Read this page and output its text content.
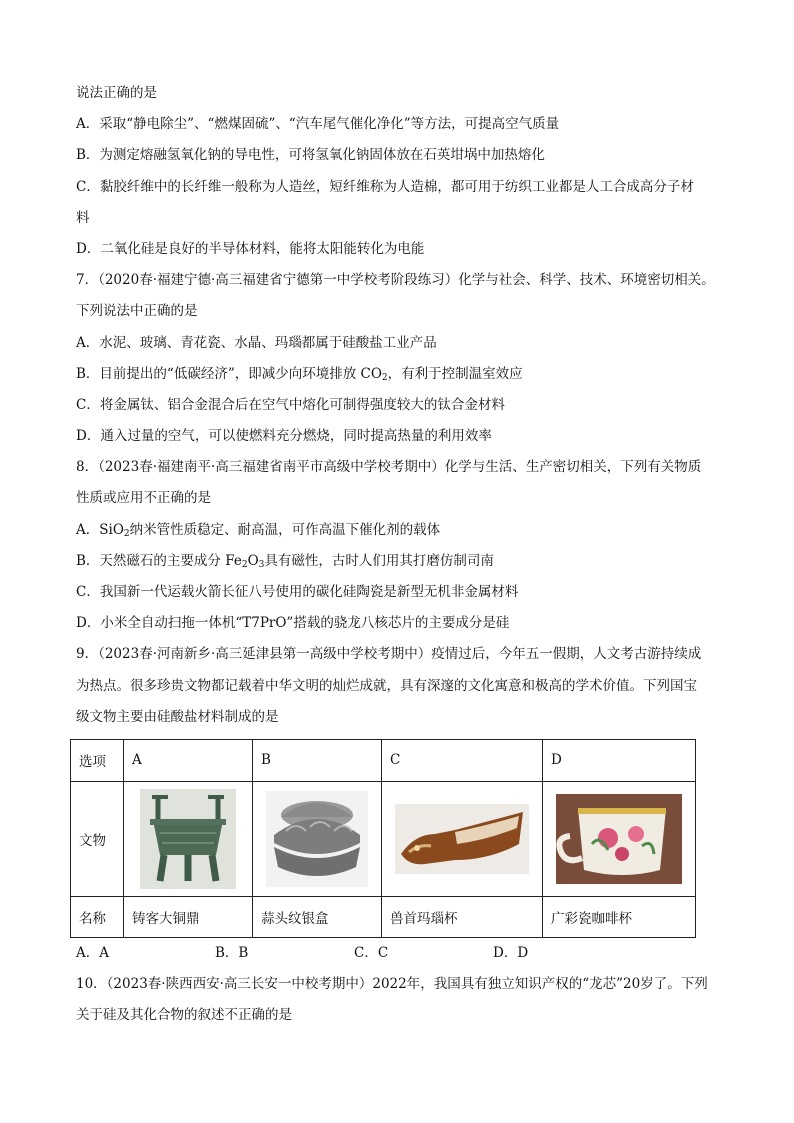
说法正确的是
A．采取“静电除尘”、“燃煤固硫”、“汽车尾气催化净化”等方法，可提高空气质量
B．为测定熔融氢氧化钠的导电性，可将氢氧化钠固体放在石英坩埚中加热熔化
C．黏胶纤维中的长纤维一般称为人造丝，短纤维称为人造棉，都可用于纺织工业都是人工合成高分子材
料
D．二氧化硅是良好的半导体材料，能将太阳能转化为电能
7．（2020春·福建宁德·高三福建省宁德第一中学校考阶段练习）化学与社会、科学、技术、环境密切相关。
下列说法中正确的是
A．水泥、玻璃、青花瓷、水晶、玛瑙都属于硅酸盐工业产品
B．目前提出的“低碳经济”，即减少向环境排放 $CO_2$，有利于控制温室效应
C．将金属钛、铝合金混合后在空气中熔化可制得强度较大的钛合金材料
D．通入过量的空气，可以使燃料充分燃烧，同时提高热量的利用效率
8．（2023春·福建南平·高三福建省南平市高级中学校考期中）化学与生活、生产密切相关，下列有关物质
性质或应用不正确的是
A．SiO$_2$纳米管性质稳定、耐高温，可作高温下催化剂的载体
B．天然磁石的主要成分 $Fe_2O_3$具有磁性，古时人们用其打磨仿制司南
C．我国新一代运载火箭长征八号使用的碳化硅陶瓷是新型无机非金属材料
D．小米全自动扫拖一体机“T7PrO”搭载的骁龙八核芯片的主要成分是硅
9．（2023春·河南新乡·高三延津县第一高级中学校考期中）疫情过后，今年五一假期，人文考古游持续成
为热点。很多珍贵文物都记载着中华文明的灿烂成就，具有深邃的文化寓意和极高的学术价值。下列国宝
级文物主要由硅酸盐材料制成的是
选项	A	B	C	D
文物	

名称	铸客大铜鼎	蒜头纹银盒	兽首玛瑙杯	广彩瓷咖啡杯
A．A	B．B	C．C	D．D
10．（2023春·陕西西安·高三长安一中校考期中）2022年，我国具有独立知识产权的“龙芯”20岁了。下列
关于硅及其化合物的叙述不正确的是
